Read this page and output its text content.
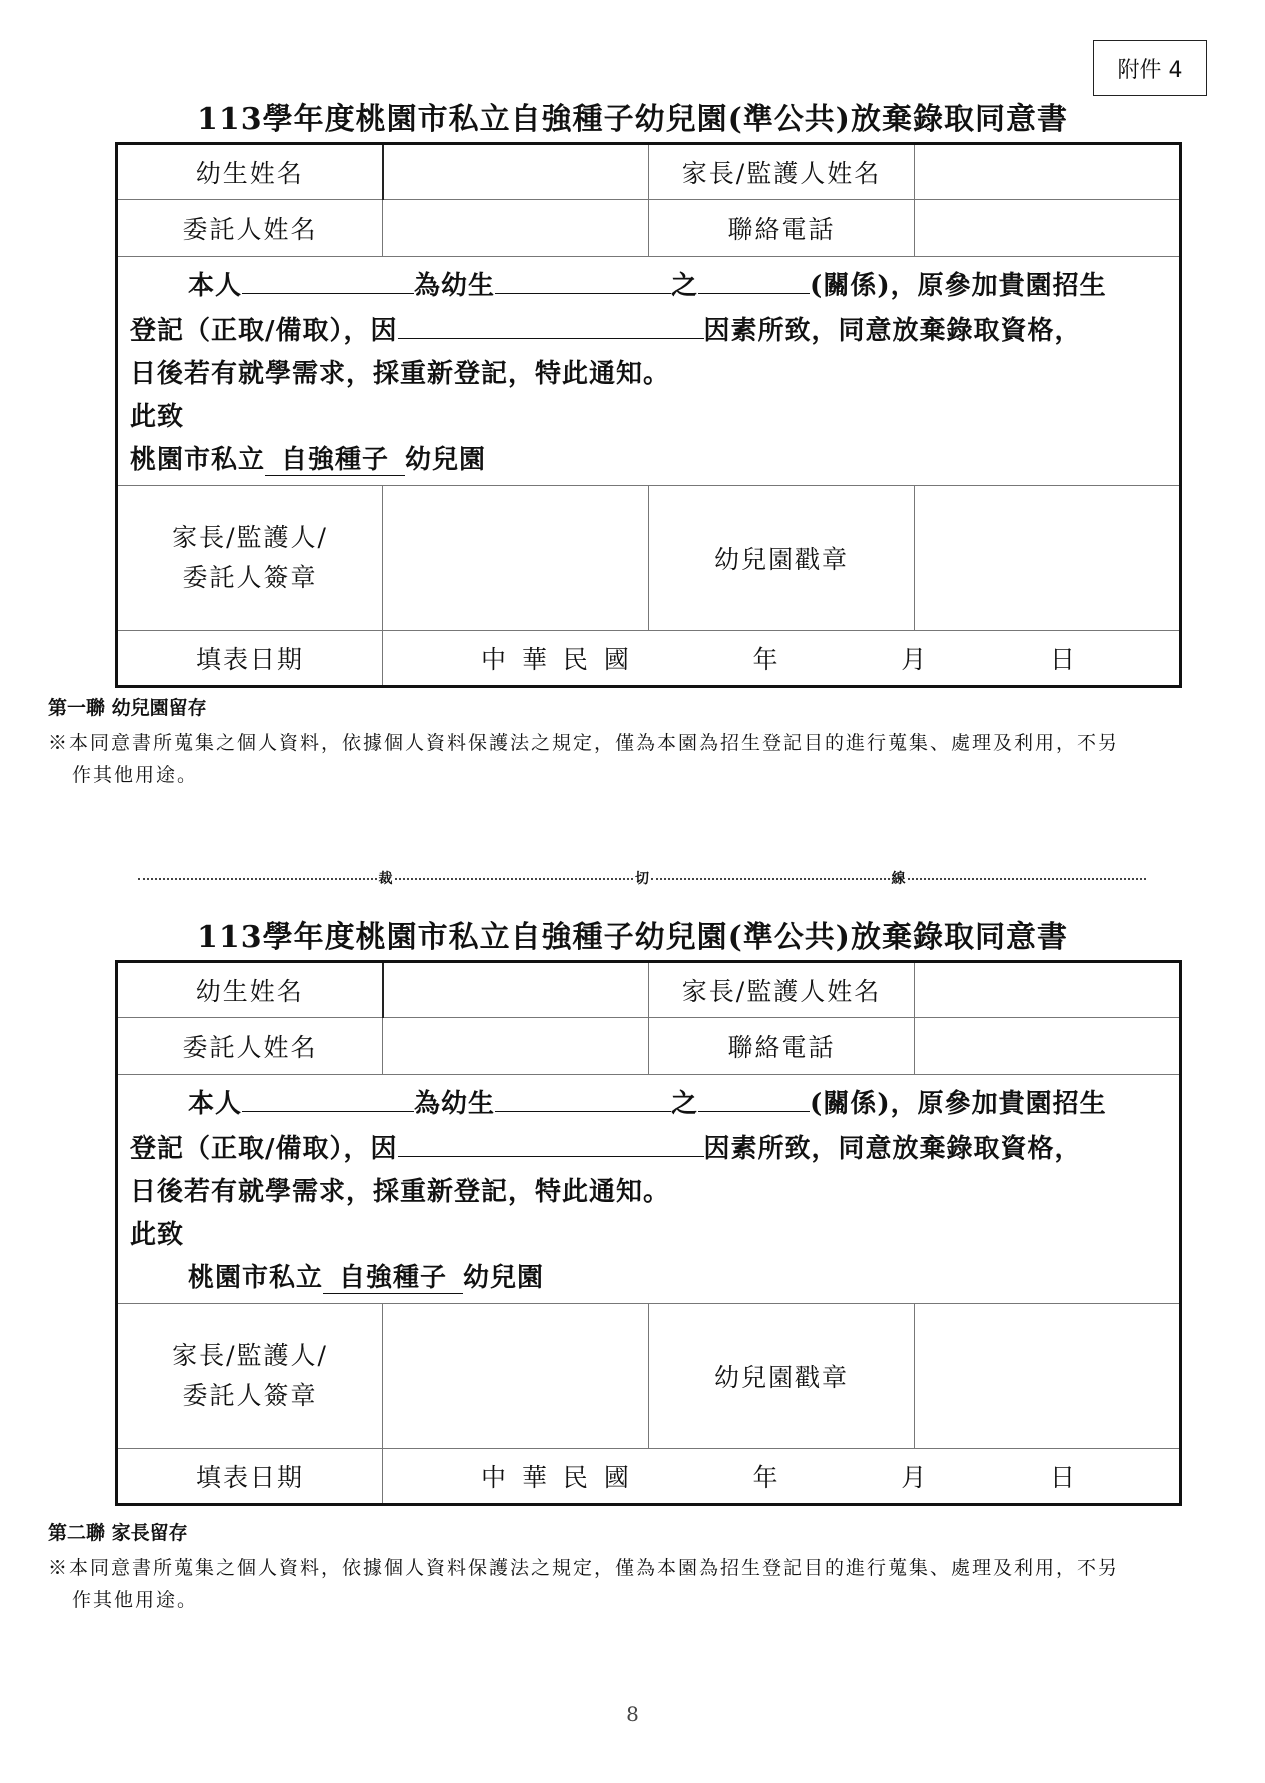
附件 4
113學年度桃園市私立自強種子幼兒園(準公共)放棄錄取同意書
幼生姓名		家長/監護人姓名	
委託人姓名		聯絡電話	

本人 為幼生 之 (關係)，原參加貴園招生
登記（正取/備取），因 因素所致，同意放棄錄取資格，
日後若有就學需求，採重新登記，特此通知。
此致
桃園市私立 自強種子 幼兒園			

家長/監護人/
委託人簽章		幼兒園戳章	
填表日期	中 華 民 國 年 月 日		
第一聯 幼兒園留存
※本同意書所蒐集之個人資料，依據個人資料保護法之規定，僅為本園為招生登記目的進行蒐集、處理及利用，不另
作其他用途。
裁	切	線
113學年度桃園市私立自強種子幼兒園(準公共)放棄錄取同意書
幼生姓名		家長/監護人姓名	
委託人姓名		聯絡電話	

本人 為幼生 之 (關係)，原參加貴園招生
登記（正取/備取），因 因素所致，同意放棄錄取資格，
日後若有就學需求，採重新登記，特此通知。
此致
桃園市私立 自強種子 幼兒園			

家長/監護人/
委託人簽章		幼兒園戳章	
填表日期	中 華 民 國 年 月 日		
第二聯 家長留存
※本同意書所蒐集之個人資料，依據個人資料保護法之規定，僅為本園為招生登記目的進行蒐集、處理及利用，不另
作其他用途。
8
